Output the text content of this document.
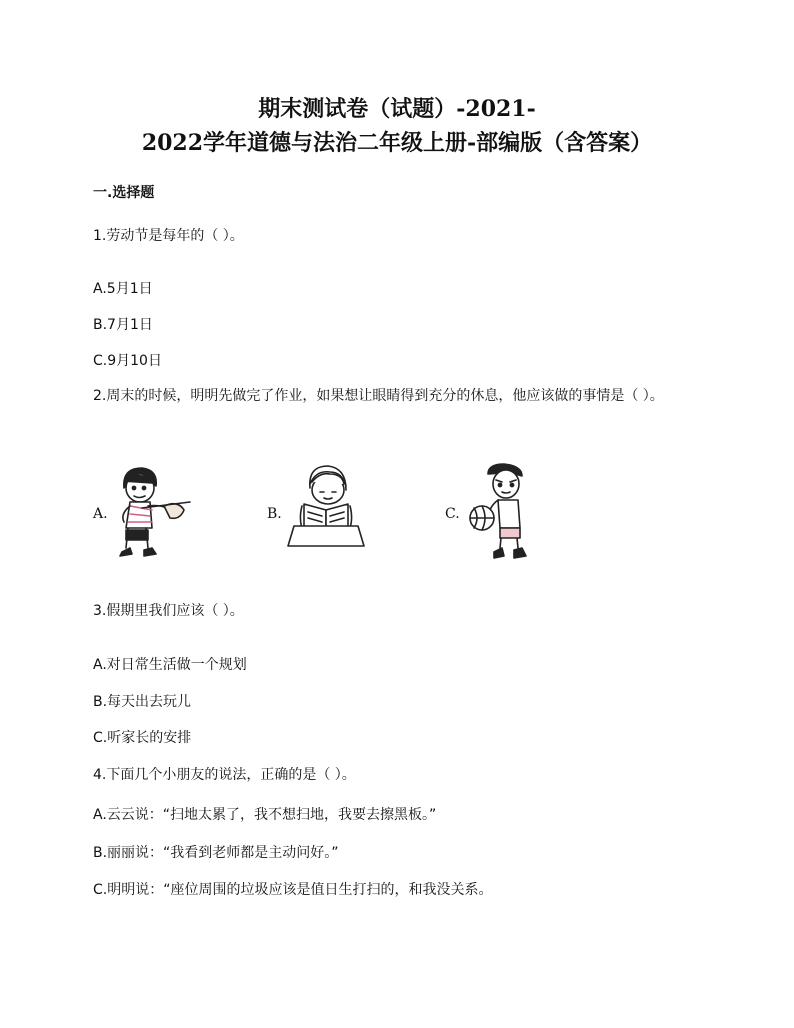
期末测试卷（试题）-2021-
2022学年道德与法治二年级上册-部编版（含答案）
一.选择题
1.劳动节是每年的（ ）。
A.5月1日
B.7月1日
C.9月10日
2.周末的时候，明明先做完了作业，如果想让眼睛得到充分的休息，他应该做的事情是（ ）。
A.	B.	C.
3.假期里我们应该（ ）。
A.对日常生活做一个规划
B.每天出去玩儿
C.听家长的安排
4.下面几个小朋友的说法，正确的是（ ）。
A.云云说：“扫地太累了，我不想扫地，我要去擦黑板。”
B.丽丽说：“我看到老师都是主动问好。”
C.明明说：“座位周围的垃圾应该是值日生打扫的，和我没关系。
